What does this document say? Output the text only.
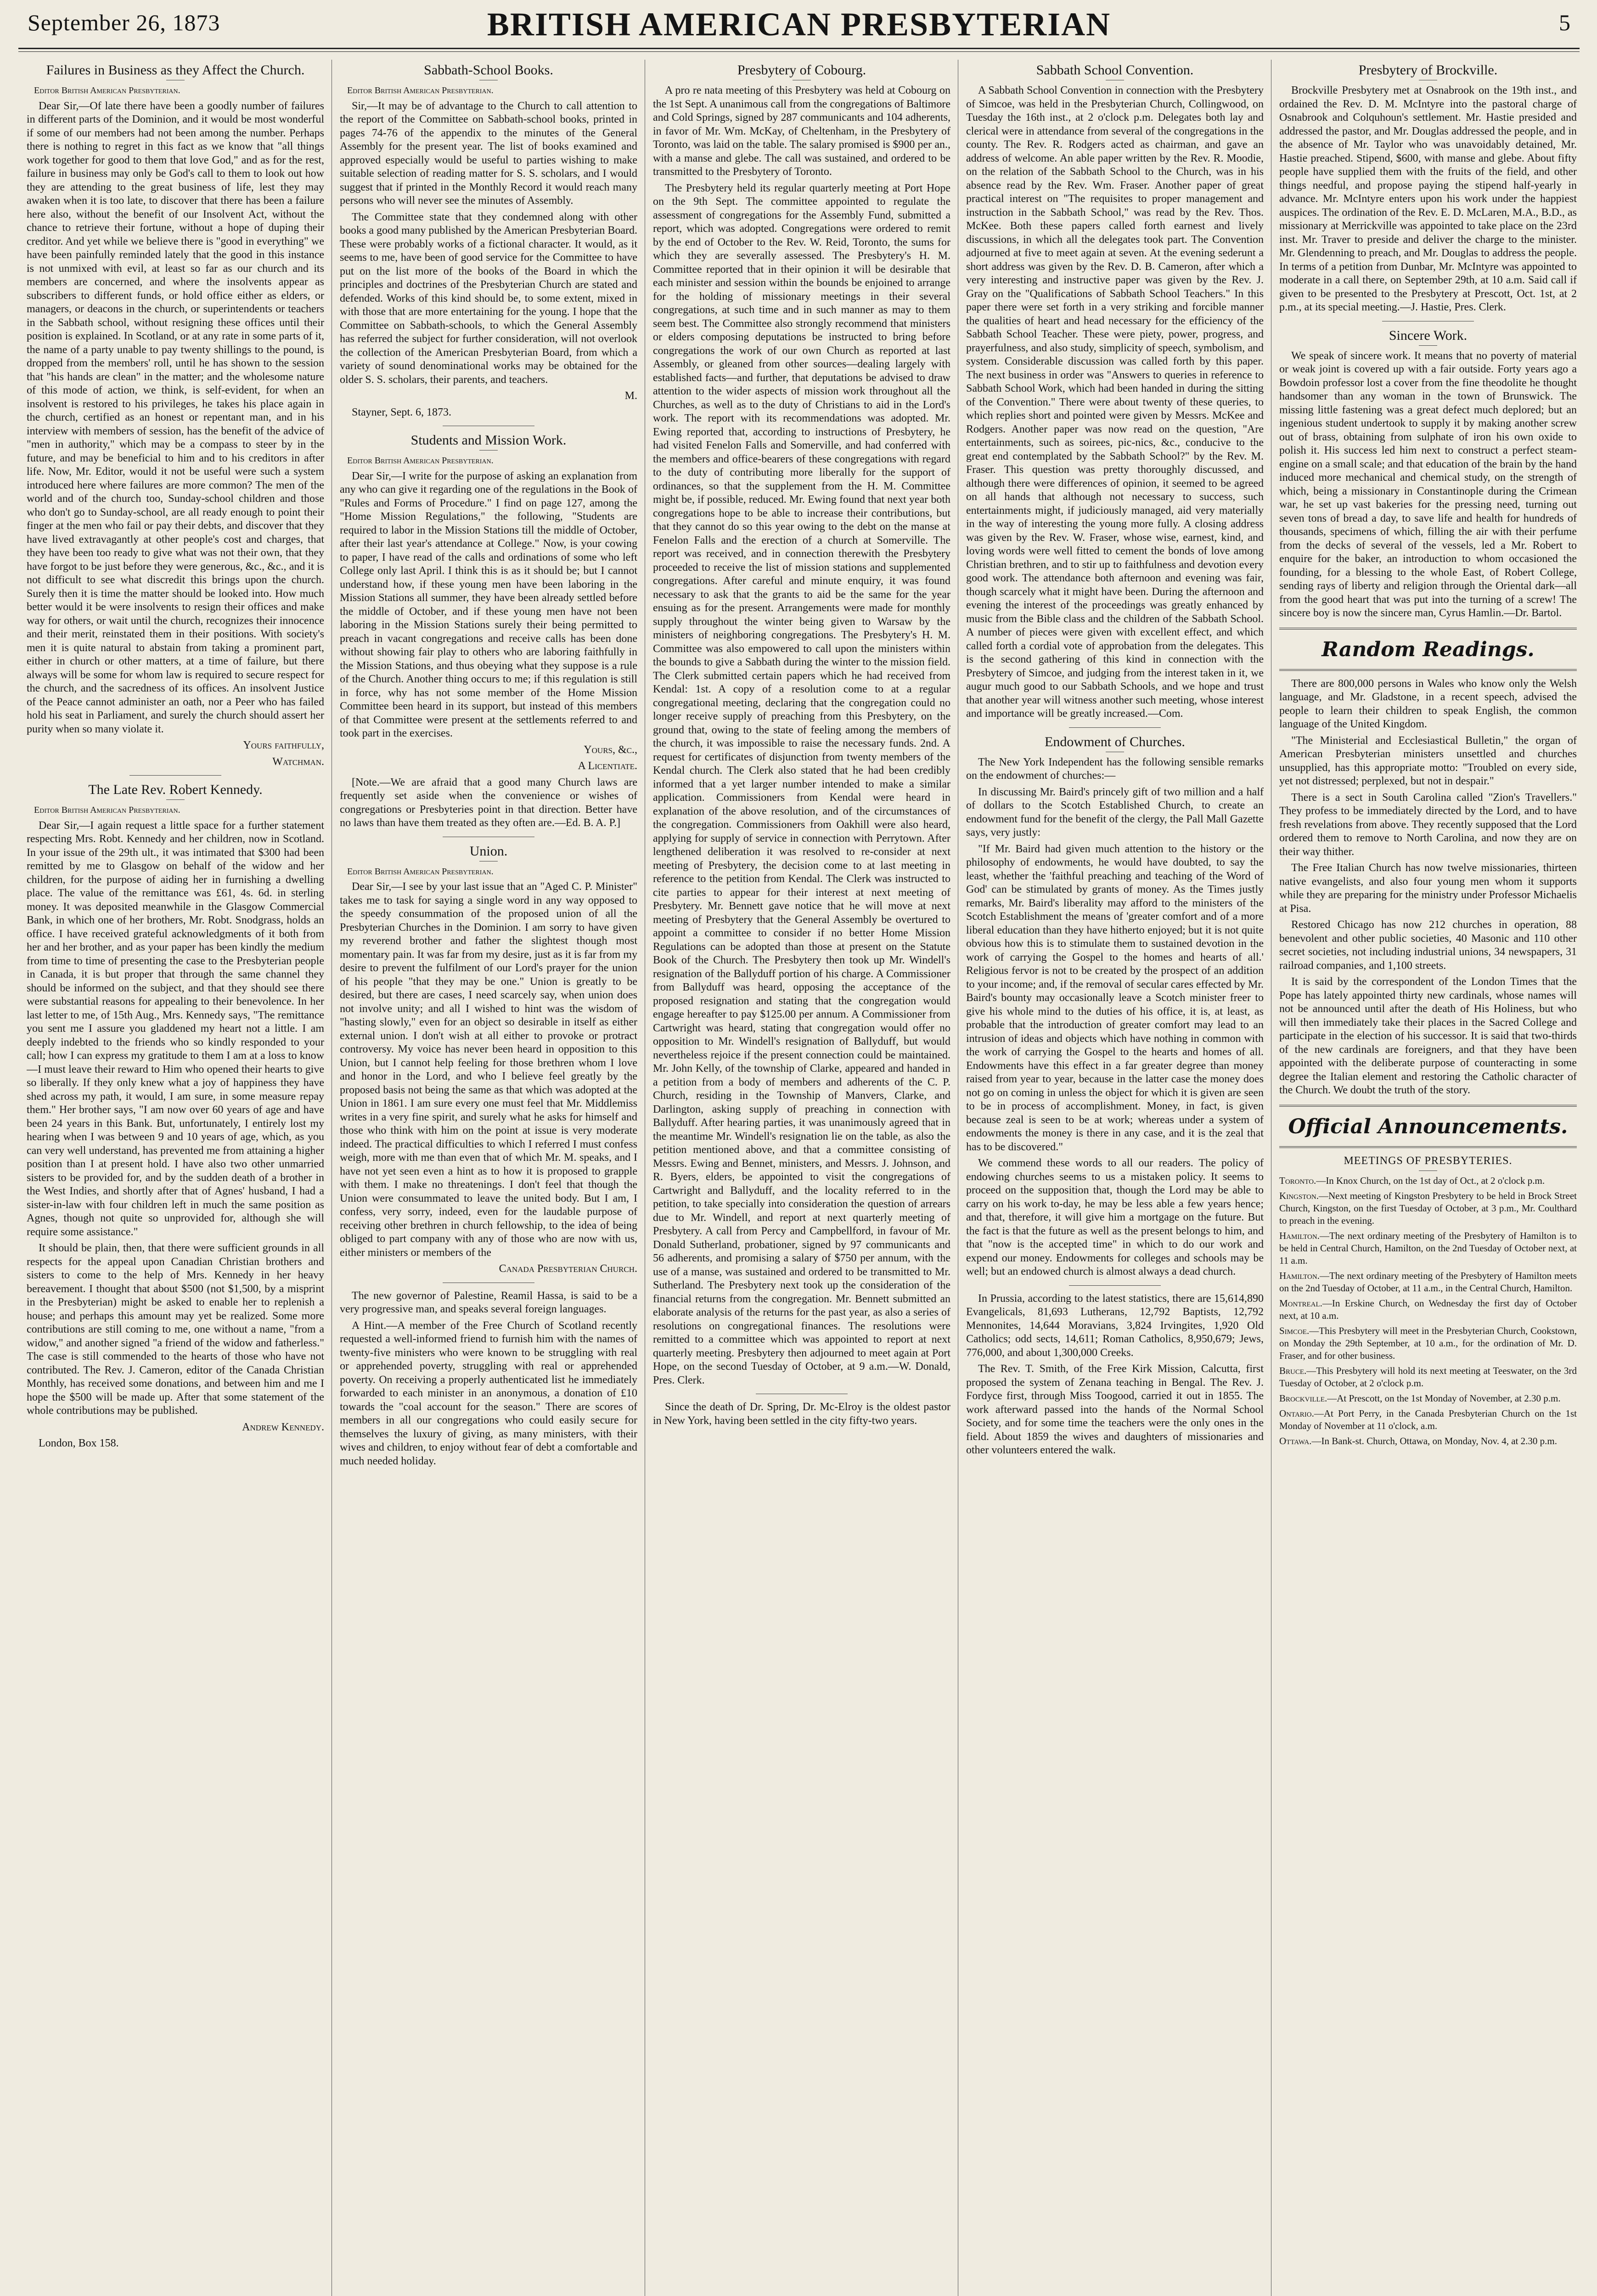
September 26, 1873	BRITISH AMERICAN PRESBYTERIAN	5
Failures in Business as they Affect the Church.
Editor British American Presbyterian.

Dear Sir,—Of late there have been a goodly number of failures in different parts of the Dominion, and it would be most wonderful if some of our members had not been among the number. Perhaps there is nothing to regret in this fact as we know that "all things work together for good to them that love God," and as for the rest, failure in business may only be God's call to them to look out how they are attending to the great business of life, lest they may awaken when it is too late, to discover that there has been a failure here also, without the benefit of our Insolvent Act, without the chance to retrieve their fortune, without a hope of duping their creditor. And yet while we believe there is "good in everything" we have been painfully reminded lately that the good in this instance is not unmixed with evil, at least so far as our church and its members are concerned, and where the insolvents appear as subscribers to different funds, or hold office either as elders, or managers, or deacons in the church, or superintendents or teachers in the Sabbath school, without resigning these offices until their position is explained. In Scotland, or at any rate in some parts of it, the name of a party unable to pay twenty shillings to the pound, is dropped from the members' roll, until he has shown to the session that "his hands are clean" in the matter; and the wholesome nature of this mode of action, we think, is self-evident, for when an insolvent is restored to his privileges, he takes his place again in the church, certified as an honest or repentant man, and in his interview with members of session, has the benefit of the advice of "men in authority," which may be a compass to steer by in the future, and may be beneficial to him and to his creditors in after life. Now, Mr. Editor, would it not be useful were such a system introduced here where failures are more common? The men of the world and of the church too, Sunday-school children and those who don't go to Sunday-school, are all ready enough to point their finger at the men who fail or pay their debts, and discover that they have lived extravagantly at other people's cost and charges, that they have been too ready to give what was not their own, that they have forgot to be just before they were generous, &c., &c., and it is not difficult to see what discredit this brings upon the church. Surely then it is time the matter should be looked into. How much better would it be were insolvents to resign their offices and make way for others, or wait until the church, recognizes their innocence and their merit, reinstated them in their positions. With society's men it is quite natural to abstain from taking a prominent part, either in church or other matters, at a time of failure, but there always will be some for whom law is required to secure respect for the church, and the sacredness of its offices. An insolvent Justice of the Peace cannot administer an oath, nor a Peer who has failed hold his seat in Parliament, and surely the church should assert her purity when so many violate it.

Yours faithfully,
Watchman.
The Late Rev. Robert Kennedy.
Editor British American Presbyterian.

Dear Sir,—I again request a little space for a further statement respecting Mrs. Robt. Kennedy and her children, now in Scotland. In your issue of the 29th ult., it was intimated that $300 had been remitted by me to Glasgow on behalf of the widow and her children, for the purpose of aiding her in furnishing a dwelling place. The value of the remittance was £61, 4s. 6d. in sterling money. It was deposited meanwhile in the Glasgow Commercial Bank, in which one of her brothers, Mr. Robt. Snodgrass, holds an office. I have received grateful acknowledgments of it both from her and her brother, and as your paper has been kindly the medium from time to time of presenting the case to the Presbyterian people in Canada, it is but proper that through the same channel they should be informed on the subject, and that they should see there were substantial reasons for appealing to their benevolence. In her last letter to me, of 15th Aug., Mrs. Kennedy says, "The remittance you sent me I assure you gladdened my heart not a little. I am deeply indebted to the friends who so kindly responded to your call; how I can express my gratitude to them I am at a loss to know—I must leave their reward to Him who opened their hearts to give so liberally. If they only knew what a joy of happiness they have shed across my path, it would, I am sure, in some measure repay them." Her brother says, "I am now over 60 years of age and have been 24 years in this Bank. But, unfortunately, I entirely lost my hearing when I was between 9 and 10 years of age, which, as you can very well understand, has prevented me from attaining a higher position than I at present hold. I have also two other unmarried sisters to be provided for, and by the sudden death of a brother in the West Indies, and shortly after that of Agnes' husband, I had a sister-in-law with four children left in much the same position as Agnes, though not quite so unprovided for, although she will require some assistance."

It should be plain, then, that there were sufficient grounds in all respects for the appeal upon Canadian Christian brothers and sisters to come to the help of Mrs. Kennedy in her heavy bereavement. I thought that about $500 (not $1,500, by a misprint in the Presbyterian) might be asked to enable her to replenish a house; and perhaps this amount may yet be realized. Some more contributions are still coming to me, one without a name, "from a widow," and another signed "a friend of the widow and fatherless." The case is still commended to the hearts of those who have not contributed. The Rev. J. Cameron, editor of the Canada Christian Monthly, has received some donations, and between him and me I hope the $500 will be made up. After that some statement of the whole contributions may be published.

Andrew Kennedy.
London, Box 158.
Sabbath-School Books.
Editor British American Presbyterian.

Sir,—It may be of advantage to the Church to call attention to the report of the Committee on Sabbath-school books, printed in pages 74-76 of the appendix to the minutes of the General Assembly for the present year. The list of books examined and approved especially would be useful to parties wishing to make suitable selection of reading matter for S. S. scholars, and I would suggest that if printed in the Monthly Record it would reach many persons who will never see the minutes of Assembly.

The Committee state that they condemned along with other books a good many published by the American Presbyterian Board. These were probably works of a fictional character. It would, as it seems to me, have been of good service for the Committee to have put on the list more of the books of the Board in which the principles and doctrines of the Presbyterian Church are stated and defended. Works of this kind should be, to some extent, mixed in with those that are more entertaining for the young. I hope that the Committee on Sabbath-schools, to which the General Assembly has referred the subject for further consideration, will not overlook the collection of the American Presbyterian Board, from which a variety of sound denominational works may be obtained for the older S. S. scholars, their parents, and teachers.

M.
Stayner, Sept. 6, 1873.
Students and Mission Work.
Editor British American Presbyterian.

Dear Sir,—I write for the purpose of asking an explanation from any who can give it regarding one of the regulations in the Book of "Rules and Forms of Procedure." I find on page 127, among the "Home Mission Regulations," the following, "Students are required to labor in the Mission Stations till the middle of October, after their last year's attendance at College." Now, is your cowing to paper, I have read of the calls and ordinations of some who left College only last April. I think this is as it should be; but I cannot understand how, if these young men have been laboring in the Mission Stations all summer, they have been already settled before the middle of October, and if these young men have not been laboring in the Mission Stations surely their being permitted to preach in vacant congregations and receive calls has been done without showing fair play to others who are laboring faithfully in the Mission Stations, and thus obeying what they suppose is a rule of the Church. Another thing occurs to me; if this regulation is still in force, why has not some member of the Home Mission Committee been heard in its support, but instead of this members of that Committee were present at the settlements referred to and took part in the exercises.

Yours, &c.,
A Licentiate.

[Note.—We are afraid that a good many Church laws are frequently set aside when the convenience or wishes of congregations or Presbyteries point in that direction. Better have no laws than have them treated as they often are.—Ed. B. A. P.]

Union.
Editor British American Presbyterian.

Dear Sir,—I see by your last issue that an "Aged C. P. Minister" takes me to task for saying a single word in any way opposed to the speedy consummation of the proposed union of all the Presbyterian Churches in the Dominion. I am sorry to have given my reverend brother and father the slightest though most momentary pain. It was far from my desire, just as it is far from my desire to prevent the fulfilment of our Lord's prayer for the union of his people "that they may be one." Union is greatly to be desired, but there are cases, I need scarcely say, when union does not involve unity; and all I wished to hint was the wisdom of "hasting slowly," even for an object so desirable in itself as either external union. I don't wish at all either to provoke or protract controversy. My voice has never been heard in opposition to this Union, but I cannot help feeling for those brethren whom I love and honor in the Lord, and who I believe feel greatly by the proposed basis not being the same as that which was adopted at the Union in 1861. I am sure every one must feel that Mr. Middlemiss writes in a very fine spirit, and surely what he asks for himself and those who think with him on the point at issue is very moderate indeed. The practical difficulties to which I referred I must confess weigh, more with me than even that of which Mr. M. speaks, and I have not yet seen even a hint as to how it is proposed to grapple with them. I make no threatenings. I don't feel that though the Union were consummated to leave the united body. But I am, I confess, very sorry, indeed, even for the laudable purpose of receiving other brethren in church fellowship, to the idea of being obliged to part company with any of those who are now with us, either ministers or members of the

Canada Presbyterian Church.

The new governor of Palestine, Reamil Hassa, is said to be a very progressive man, and speaks several foreign languages.

A Hint.—A member of the Free Church of Scotland recently requested a well-informed friend to furnish him with the names of twenty-five ministers who were known to be struggling with real or apprehended poverty, struggling with real or apprehended poverty. On receiving a properly authenticated list he immediately forwarded to each minister in an anonymous, a donation of £10 towards the "coal account for the season." There are scores of members in all our congregations who could easily secure for themselves the luxury of giving, as many ministers, with their wives and children, to enjoy without fear of debt a comfortable and much needed holiday.

Presbytery of Cobourg.

A pro re nata meeting of this Presbytery was held at Cobourg on the 1st Sept. A unanimous call from the congregations of Baltimore and Cold Springs, signed by 287 communicants and 104 adherents, in favor of Mr. Wm. McKay, of Cheltenham, in the Presbytery of Toronto, was laid on the table. The salary promised is $900 per an., with a manse and glebe. The call was sustained, and ordered to be transmitted to the Presbytery of Toronto.

The Presbytery held its regular quarterly meeting at Port Hope on the 9th Sept. The committee appointed to regulate the assessment of congregations for the Assembly Fund, submitted a report, which was adopted. Congregations were ordered to remit by the end of October to the Rev. W. Reid, Toronto, the sums for which they are severally assessed. The Presbytery's H. M. Committee reported that in their opinion it will be desirable that each minister and session within the bounds be enjoined to arrange for the holding of missionary meetings in their several congregations, at such time and in such manner as may to them seem best. The Committee also strongly recommend that ministers or elders composing deputations be instructed to bring before congregations the work of our own Church as reported at last Assembly, or gleaned from other sources—dealing largely with established facts—and further, that deputations be advised to draw attention to the wider aspects of mission work throughout all the Churches, as well as to the duty of Christians to aid in the Lord's work. The report with its recommendations was adopted. Mr. Ewing reported that, according to instructions of Presbytery, he had visited Fenelon Falls and Somerville, and had conferred with the members and office-bearers of these congregations with regard to the duty of contributing more liberally for the support of ordinances, so that the supplement from the H. M. Committee might be, if possible, reduced. Mr. Ewing found that next year both congregations hope to be able to increase their contributions, but that they cannot do so this year owing to the debt on the manse at Fenelon Falls and the erection of a church at Somerville. The report was received, and in connection therewith the Presbytery proceeded to receive the list of mission stations and supplemented congregations. After careful and minute enquiry, it was found necessary to ask that the grants to aid be the same for the year ensuing as for the present. Arrangements were made for monthly supply throughout the winter being given to Warsaw by the ministers of neighboring congregations. The Presbytery's H. M. Committee was also empowered to call upon the ministers within the bounds to give a Sabbath during the winter to the mission field. The Clerk submitted certain papers which he had received from Kendal: 1st. A copy of a resolution come to at a regular congregational meeting, declaring that the congregation could no longer receive supply of preaching from this Presbytery, on the ground that, owing to the state of feeling among the members of the church, it was impossible to raise the necessary funds. 2nd. A request for certificates of disjunction from twenty members of the Kendal church. The Clerk also stated that he had been credibly informed that a yet larger number intended to make a similar application. Commissioners from Kendal were heard in explanation of the above resolution, and of the circumstances of the congregation. Commissioners from Oakhill were also heard, applying for supply of service in connection with Perrytown. After lengthened deliberation it was resolved to re-consider at next meeting of Presbytery, the decision come to at last meeting in reference to the petition from Kendal. The Clerk was instructed to cite parties to appear for their interest at next meeting of Presbytery. Mr. Bennett gave notice that he will move at next meeting of Presbytery that the General Assembly be overtured to appoint a committee to consider if no better Home Mission Regulations can be adopted than those at present on the Statute Book of the Church. The Presbytery then took up Mr. Windell's resignation of the Ballyduff portion of his charge. A Commissioner from Ballyduff was heard, opposing the acceptance of the proposed resignation and stating that the congregation would engage hereafter to pay $125.00 per annum. A Commissioner from Cartwright was heard, stating that congregation would offer no opposition to Mr. Windell's resignation of Ballyduff, but would nevertheless rejoice if the present connection could be maintained. Mr. John Kelly, of the township of Clarke, appeared and handed in a petition from a body of members and adherents of the C. P. Church, residing in the Township of Manvers, Clarke, and Darlington, asking supply of preaching in connection with Ballyduff. After hearing parties, it was unanimously agreed that in the meantime Mr. Windell's resignation lie on the table, as also the petition mentioned above, and that a committee consisting of Messrs. Ewing and Bennet, ministers, and Messrs. J. Johnson, and R. Byers, elders, be appointed to visit the congregations of Cartwright and Ballyduff, and the locality referred to in the petition, to take specially into consideration the question of arrears due to Mr. Windell, and report at next quarterly meeting of Presbytery. A call from Percy and Campbellford, in favour of Mr. Donald Sutherland, probationer, signed by 97 communicants and 56 adherents, and promising a salary of $750 per annum, with the use of a manse, was sustained and ordered to be transmitted to Mr. Sutherland. The Presbytery next took up the consideration of the financial returns from the congregation. Mr. Bennett submitted an elaborate analysis of the returns for the past year, as also a series of resolutions on congregational finances. The resolutions were remitted to a committee which was appointed to report at next quarterly meeting. Presbytery then adjourned to meet again at Port Hope, on the second Tuesday of October, at 9 a.m.—W. Donald, Pres. Clerk.

Since the death of Dr. Spring, Dr. Mc-Elroy is the oldest pastor in New York, having been settled in the city fifty-two years.

Sabbath School Convention.

A Sabbath School Convention in connection with the Presbytery of Simcoe, was held in the Presbyterian Church, Collingwood, on Tuesday the 16th inst., at 2 o'clock p.m. Delegates both lay and clerical were in attendance from several of the congregations in the county. The Rev. R. Rodgers acted as chairman, and gave an address of welcome. An able paper written by the Rev. R. Moodie, on the relation of the Sabbath School to the Church, was in his absence read by the Rev. Wm. Fraser. Another paper of great practical interest on "The requisites to proper management and instruction in the Sabbath School," was read by the Rev. Thos. McKee. Both these papers called forth earnest and lively discussions, in which all the delegates took part. The Convention adjourned at five to meet again at seven. At the evening sederunt a short address was given by the Rev. D. B. Cameron, after which a very interesting and instructive paper was given by the Rev. J. Gray on the "Qualifications of Sabbath School Teachers." In this paper there were set forth in a very striking and forcible manner the qualities of heart and head necessary for the efficiency of the Sabbath School Teacher. These were piety, power, progress, and prayerfulness, and also study, simplicity of speech, symbolism, and system. Considerable discussion was called forth by this paper. The next business in order was "Answers to queries in reference to Sabbath School Work, which had been handed in during the sitting of the Convention." There were about twenty of these queries, to which replies short and pointed were given by Messrs. McKee and Rodgers. Another paper was now read on the question, "Are entertainments, such as soirees, pic-nics, &c., conducive to the great end contemplated by the Sabbath School?" by the Rev. M. Fraser. This question was pretty thoroughly discussed, and although there were differences of opinion, it seemed to be agreed on all hands that although not necessary to success, such entertainments might, if judiciously managed, aid very materially in the way of interesting the young more fully. A closing address was given by the Rev. W. Fraser, whose wise, earnest, kind, and loving words were well fitted to cement the bonds of love among Christian brethren, and to stir up to faithfulness and devotion every good work. The attendance both afternoon and evening was fair, though scarcely what it might have been. During the afternoon and evening the interest of the proceedings was greatly enhanced by music from the Bible class and the children of the Sabbath School. A number of pieces were given with excellent effect, and which called forth a cordial vote of approbation from the delegates. This is the second gathering of this kind in connection with the Presbytery of Simcoe, and judging from the interest taken in it, we augur much good to our Sabbath Schools, and we hope and trust that another year will witness another such meeting, whose interest and importance will be greatly increased.—Com.

Endowment of Churches.

The New York Independent has the following sensible remarks on the endowment of churches:—

In discussing Mr. Baird's princely gift of two million and a half of dollars to the Scotch Established Church, to create an endowment fund for the benefit of the clergy, the Pall Mall Gazette says, very justly:

"If Mr. Baird had given much attention to the history or the philosophy of endowments, he would have doubted, to say the least, whether the 'faithful preaching and teaching of the Word of God' can be stimulated by grants of money. As the Times justly remarks, Mr. Baird's liberality may afford to the ministers of the Scotch Establishment the means of 'greater comfort and of a more liberal education than they have hitherto enjoyed; but it is not quite obvious how this is to stimulate them to sustained devotion in the work of carrying the Gospel to the homes and hearts of all.' Religious fervor is not to be created by the prospect of an addition to your income; and, if the removal of secular cares effected by Mr. Baird's bounty may occasionally leave a Scotch minister freer to give his whole mind to the duties of his office, it is, at least, as probable that the introduction of greater comfort may lead to an intrusion of ideas and objects which have nothing in common with the work of carrying the Gospel to the hearts and homes of all. Endowments have this effect in a far greater degree than money raised from year to year, because in the latter case the money does not go on coming in unless the object for which it is given are seen to be in process of accomplishment. Money, in fact, is given because zeal is seen to be at work; whereas under a system of endowments the money is there in any case, and it is the zeal that has to be discovered."

We commend these words to all our readers. The policy of endowing churches seems to us a mistaken policy. It seems to proceed on the supposition that, though the Lord may be able to carry on his work to-day, he may be less able a few years hence; and that, therefore, it will give him a mortgage on the future. But the fact is that the future as well as the present belongs to him, and that "now is the accepted time" in which to do our work and expend our money. Endowments for colleges and schools may be well; but an endowed church is almost always a dead church.

In Prussia, according to the latest statistics, there are 15,614,890 Evangelicals, 81,693 Lutherans, 12,792 Baptists, 12,792 Mennonites, 14,644 Moravians, 3,824 Irvingites, 1,920 Old Catholics; odd sects, 14,611; Roman Catholics, 8,950,679; Jews, 776,000, and about 1,300,000 Creeks.

The Rev. T. Smith, of the Free Kirk Mission, Calcutta, first proposed the system of Zenana teaching in Bengal. The Rev. J. Fordyce first, through Miss Toogood, carried it out in 1855. The work afterward passed into the hands of the Normal School Society, and for some time the teachers were the only ones in the field. About 1859 the wives and daughters of missionaries and other volunteers entered the walk.

Presbytery of Brockville.

Brockville Presbytery met at Osnabrook on the 19th inst., and ordained the Rev. D. M. McIntyre into the pastoral charge of Osnabrook and Colquhoun's settlement. Mr. Hastie presided and addressed the pastor, and Mr. Douglas addressed the people, and in the absence of Mr. Taylor who was unavoidably detained, Mr. Hastie preached. Stipend, $600, with manse and glebe. About fifty people have supplied them with the fruits of the field, and other things needful, and propose paying the stipend half-yearly in advance. Mr. McIntyre enters upon his work under the happiest auspices. The ordination of the Rev. E. D. McLaren, M.A., B.D., as missionary at Merrickville was appointed to take place on the 23rd inst. Mr. Traver to preside and deliver the charge to the minister. Mr. Glendenning to preach, and Mr. Douglas to address the people. In terms of a petition from Dunbar, Mr. McIntyre was appointed to moderate in a call there, on September 29th, at 10 a.m. Said call if given to be presented to the Presbytery at Prescott, Oct. 1st, at 2 p.m., at its special meeting.—J. Hastie, Pres. Clerk.

Sincere Work.

We speak of sincere work. It means that no poverty of material or weak joint is covered up with a fair outside. Forty years ago a Bowdoin professor lost a cover from the fine theodolite he thought handsomer than any woman in the town of Brunswick. The missing little fastening was a great defect much deplored; but an ingenious student undertook to supply it by making another screw out of brass, obtaining from sulphate of iron his own oxide to polish it. His success led him next to construct a perfect steam-engine on a small scale; and that education of the brain by the hand induced more mechanical and chemical study, on the strength of which, being a missionary in Constantinople during the Crimean war, he set up vast bakeries for the pressing need, turning out seven tons of bread a day, to save life and health for hundreds of thousands, specimens of which, filling the air with their perfume from the decks of several of the vessels, led a Mr. Robert to enquire for the baker, an introduction to whom occasioned the founding, for a blessing to the whole East, of Robert College, sending rays of liberty and religion through the Oriental dark—all from the good heart that was put into the turning of a screw! The sincere boy is now the sincere man, Cyrus Hamlin.—Dr. Bartol.

Random Readings.

There are 800,000 persons in Wales who know only the Welsh language, and Mr. Gladstone, in a recent speech, advised the people to learn their children to speak English, the common language of the United Kingdom.

"The Ministerial and Ecclesiastical Bulletin," the organ of American Presbyterian ministers unsettled and churches unsupplied, has this appropriate motto: "Troubled on every side, yet not distressed; perplexed, but not in despair."

There is a sect in South Carolina called "Zion's Travellers." They profess to be immediately directed by the Lord, and to have fresh revelations from above. They recently supposed that the Lord ordered them to remove to North Carolina, and now they are on their way thither.

The Free Italian Church has now twelve missionaries, thirteen native evangelists, and also four young men whom it supports while they are preparing for the ministry under Professor Michaelis at Pisa.

Restored Chicago has now 212 churches in operation, 88 benevolent and other public societies, 40 Masonic and 110 other secret societies, not including industrial unions, 34 newspapers, 31 railroad companies, and 1,100 streets.

It is said by the correspondent of the London Times that the Pope has lately appointed thirty new cardinals, whose names will not be announced until after the death of His Holiness, but who will then immediately take their places in the Sacred College and participate in the election of his successor. It is said that two-thirds of the new cardinals are foreigners, and that they have been appointed with the deliberate purpose of counteracting in some degree the Italian element and restoring the Catholic character of the Church. We doubt the truth of the story.

Official Announcements.
MEETINGS OF PRESBYTERIES.

Toronto.—In Knox Church, on the 1st day of Oct., at 2 o'clock p.m.

Kingston.—Next meeting of Kingston Presbytery to be held in Brock Street Church, Kingston, on the first Tuesday of October, at 3 p.m., Mr. Coulthard to preach in the evening.

Hamilton.—The next ordinary meeting of the Presbytery of Hamilton is to be held in Central Church, Hamilton, on the 2nd Tuesday of October next, at 11 a.m.

Hamilton.—The next ordinary meeting of the Presbytery of Hamilton meets on the 2nd Tuesday of October, at 11 a.m., in the Central Church, Hamilton.

Montreal.—In Erskine Church, on Wednesday the first day of October next, at 10 a.m.

Simcoe.—This Presbytery will meet in the Presbyterian Church, Cookstown, on Monday the 29th September, at 10 a.m., for the ordination of Mr. D. Fraser, and for other business.

Bruce.—This Presbytery will hold its next meeting at Teeswater, on the 3rd Tuesday of October, at 2 o'clock p.m.

Brockville.—At Prescott, on the 1st Monday of November, at 2.30 p.m.

Ontario.—At Port Perry, in the Canada Presbyterian Church on the 1st Monday of November at 11 o'clock, a.m.

Ottawa.—In Bank-st. Church, Ottawa, on Monday, Nov. 4, at 2.30 p.m.
